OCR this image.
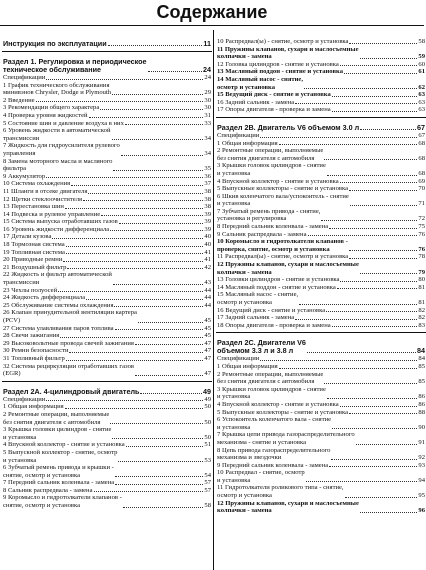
Содержание
Инструкция по эксплуатации	11
Раздел 1. Регулировка и периодическое
техническое обслуживание	24
Спецификации	24
1 График технического обслуживания
минивэнов Chrysler, Dodge и Plymouth	29
2 Введение	30
3 Рекомендации общего характера	30
4 Проверка уровня жидкостей	31
5 Состояние шин и давление воздуха в них	33
6 Уровень жидкости в автоматической
трансмиссии	34
7 Жидкость для гидроусилителя рулевого
управления	34
8 Замена моторного масла и масляного
фильтра	35
9 Аккумулятор	36
10 Система охлаждения	37
11 Шланги в отсеке двигателя	38
12 Щетки стеклоочистителя	38
13 Перестановка шин	38
14 Подвеска и рулевое управление	39
15 Система выпуска отработавших газов	39
16 Уровень жидкости дифференциала	39
17 Детали кузова	40
18 Тормозная система	40
19 Топливная система	41
20 Приводные ремни	41
21 Воздушный фильтр	42
22 Жидкость и фильтр автоматической
трансмиссии	43
23 Чехлы полуосей	44
24 Жидкость дифференциала	44
25 Обслуживание системы охлаждения	44
26 Клапан принудительной вентиляции картера
(PCV)	45
27 Система улавливания паров топлива	45
28 Свечи зажигания	45
29 Высоковольтные провода свечей зажигания	47
30 Ремни безопасности	47
31 Топливный фильтр	47
32 Система рециркуляции отработавших газов
(EGR)	47
Раздел 2А. 4-цилиндровый двигатель	49
Спецификации	49
1 Общая информация	50
2 Ремонтные операции, выполняемые
без снятия двигателя с автомобиля	50
3 Крышка головки цилиндров - снятие
и установка	50
4 Впускной коллектор - снятие и установка	51
5 Выпускной коллектор - снятие, осмотр
и установка	53
6 Зубчатый ремень привода и крышки -
снятие, осмотр и установка	54
7 Передний сальник коленвала - замена	57
8 Сальник распредвала - замена	57
9 Коромысло и гидротолкатели клапанов -
снятие, осмотр и установка	58
10 Распредвал(ы) - снятие, осмотр и установка	58
11 Пружины клапанов, сухари и маслосъемные
колпачки - замена	59
12 Головка цилиндров - снятие и установка	60
13 Масляный поддон - снятие и установка	61
14 Масляный насос - снятие,
осмотр и установка	62
15 Ведущий диск - снятие и установка	63
16 Задний сальник - замена	63
17 Опоры двигателя - проверка и замена	63
Раздел 2В. Двигатель V6 объемом 3.0 л	67
Спецификации	67
1 Общая информация	68
2 Ремонтные операции, выполняемые
без снятия двигателя с автомобиля	68
3 Крышки головок цилиндров - снятие
и установка	68
4 Впускной коллектор - снятие и установка	69
5 Выпускные коллекторы - снятие и установка	70
6 Шкив коленчатого вала/успокоитель - снятие
и установка	71
7 Зубчатый ремень привода - снятие,
установка и регулировка	72
8 Передний сальник коленвала - замена	75
9 Сальник распредвала - замена	76
10 Коромысло и гидротолкатели клапанов -
проверка, снятие, осмотр и установка	76
11 Распредвал(ы) - снятие, осмотр и установка	78
12 Пружины клапанов, сухари и маслосъемные
колпачки - замена	79
13 Головки цилиндров - снятие и установка	80
14 Масляный поддон - снятие и установка	81
15 Масляный насос - снятие,
осмотр и установка	81
16 Ведущий диск - снятие и установка	82
17 Задний сальник - замена	82
18 Опоры двигателя - проверка и замена	83
Раздел 2С. Двигатели V6
объемом 3.3 л и 3.8 л	84
Спецификации	84
1 Общая информация	85
2 Ремонтные операции, выполняемые
без снятия двигателя с автомобиля	85
3 Крышки головок цилиндров - снятие
и установка	86
4 Впускной коллектор - снятие и установка	86
5 Выпускные коллекторы - снятие и установка	88
6 Успокоитель коленчатого вала - снятие
и установка	90
7 Крышка цепи привода газораспределительного
механизма - снятие и установка	91
8 Цепь привода газораспределительного
механизма и звездочки	92
9 Передний сальник коленвала - замена	93
10 Распредвал - снятие, осмотр
и установка	94
11 Гидротолкатели роликового типа - снятие,
осмотр и установка	95
12 Пружины клапанов, сухари и маслосъемные
колпачки - замена	96
